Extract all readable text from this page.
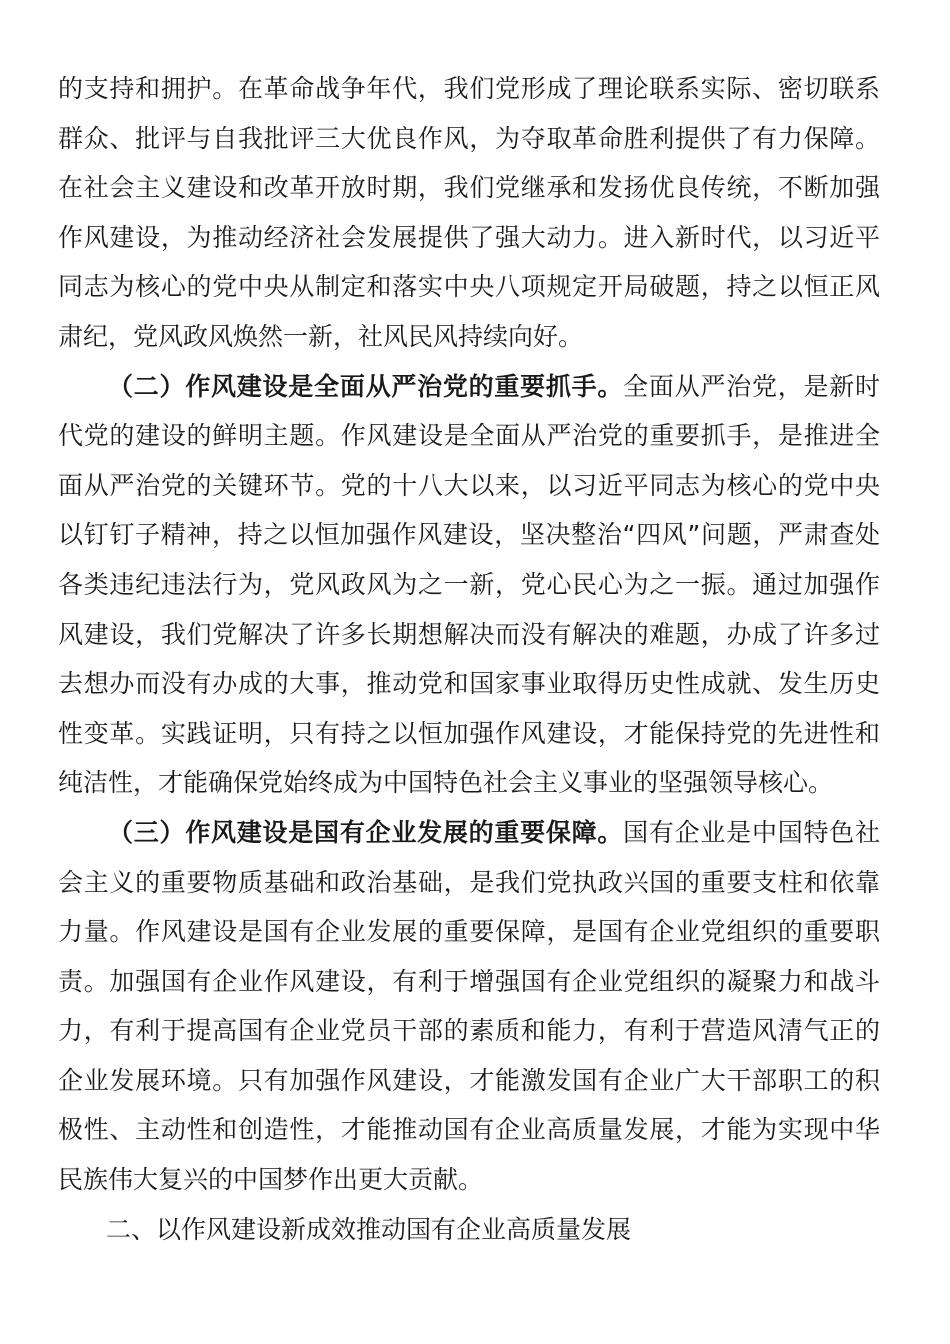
的支持和拥护。在革命战争年代，我们党形成了理论联系实际、密切联系群众、批评与自我批评三大优良作风，为夺取革命胜利提供了有力保障。在社会主义建设和改革开放时期，我们党继承和发扬优良传统，不断加强作风建设，为推动经济社会发展提供了强大动力。进入新时代，以习近平同志为核心的党中央从制定和落实中央八项规定开局破题，持之以恒正风肃纪，党风政风焕然一新，社风民风持续向好。

（二）作风建设是全面从严治党的重要抓手。全面从严治党，是新时代党的建设的鲜明主题。作风建设是全面从严治党的重要抓手，是推进全面从严治党的关键环节。党的十八大以来，以习近平同志为核心的党中央以钉钉子精神，持之以恒加强作风建设，坚决整治“四风”问题，严肃查处各类违纪违法行为，党风政风为之一新，党心民心为之一振。通过加强作风建设，我们党解决了许多长期想解决而没有解决的难题，办成了许多过去想办而没有办成的大事，推动党和国家事业取得历史性成就、发生历史性变革。实践证明，只有持之以恒加强作风建设，才能保持党的先进性和纯洁性，才能确保党始终成为中国特色社会主义事业的坚强领导核心。

（三）作风建设是国有企业发展的重要保障。国有企业是中国特色社会主义的重要物质基础和政治基础，是我们党执政兴国的重要支柱和依靠力量。作风建设是国有企业发展的重要保障，是国有企业党组织的重要职责。加强国有企业作风建设，有利于增强国有企业党组织的凝聚力和战斗力，有利于提高国有企业党员干部的素质和能力，有利于营造风清气正的企业发展环境。只有加强作风建设，才能激发国有企业广大干部职工的积极性、主动性和创造性，才能推动国有企业高质量发展，才能为实现中华民族伟大复兴的中国梦作出更大贡献。

二、以作风建设新成效推动国有企业高质量发展
